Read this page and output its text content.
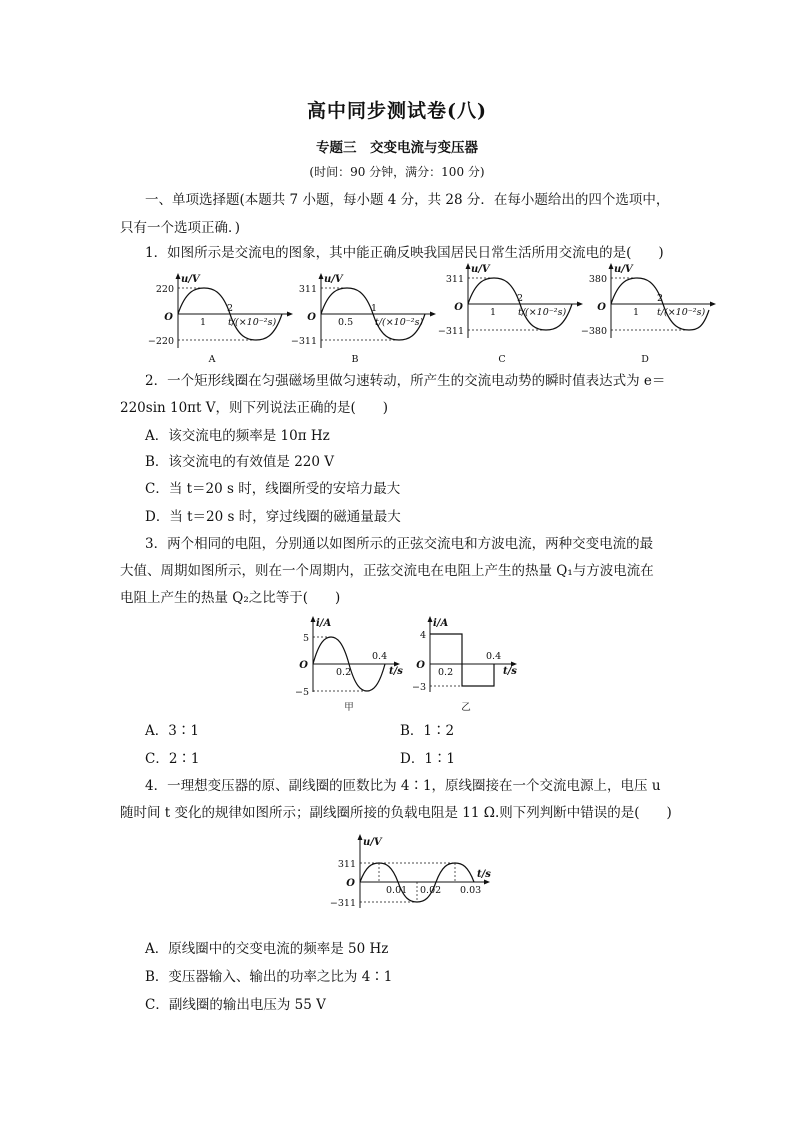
高中同步测试卷(八)
专题三　交变电流与变压器
(时间：90 分钟，满分：100 分)
一、单项选择题(本题共 7 小题，每小题 4 分，共 28 分．在每小题给出的四个选项中，
只有一个选项正确．)
1．如图所示是交流电的图象，其中能正确反映我国居民日常生活所用交流电的是(　　)
u/V
220
−220
O	1
2
t/(×10⁻²s)
A
u/V
311
−311
O 0.5
1
t/(×10⁻²s)
B
u/V
311
−311
O	1
2
t/(×10⁻²s)
C
u/V
380
−380
O	1
2
t/(×10⁻²s)
D
2．一个矩形线圈在匀强磁场里做匀速转动，所产生的交流电动势的瞬时值表达式为 e＝
220sin 10πt V，则下列说法正确的是(　　)
A．该交流电的频率是 10π Hz
B．该交流电的有效值是 220 V
C．当 t＝20 s 时，线圈所受的安培力最大
D．当 t＝20 s 时，穿过线圈的磁通量最大
3．两个相同的电阻，分别通以如图所示的正弦交流电和方波电流，两种交变电流的最
大值、周期如图所示，则在一个周期内，正弦交流电在电阻上产生的热量 Q₁与方波电流在
电阻上产生的热量 Q₂之比等于(　　)
i/A
5
−5
O
0.2
0.4
t/s
甲
i/A
4
−3
O
0.2
0.4
t/s
乙
A．3∶1	B．1∶2
C．2∶1	D．1∶1
4．一理想变压器的原、副线圈的匝数比为 4∶1，原线圈接在一个交流电源上，电压 u
随时间 t 变化的规律如图所示；副线圈所接的负载电阻是 11 Ω.则下列判断中错误的是(　　)
u/V
311
−311
O
0.01 0.02 0.03
t/s
A．原线圈中的交变电流的频率是 50 Hz
B．变压器输入、输出的功率之比为 4∶1
C．副线圈的输出电压为 55 V
